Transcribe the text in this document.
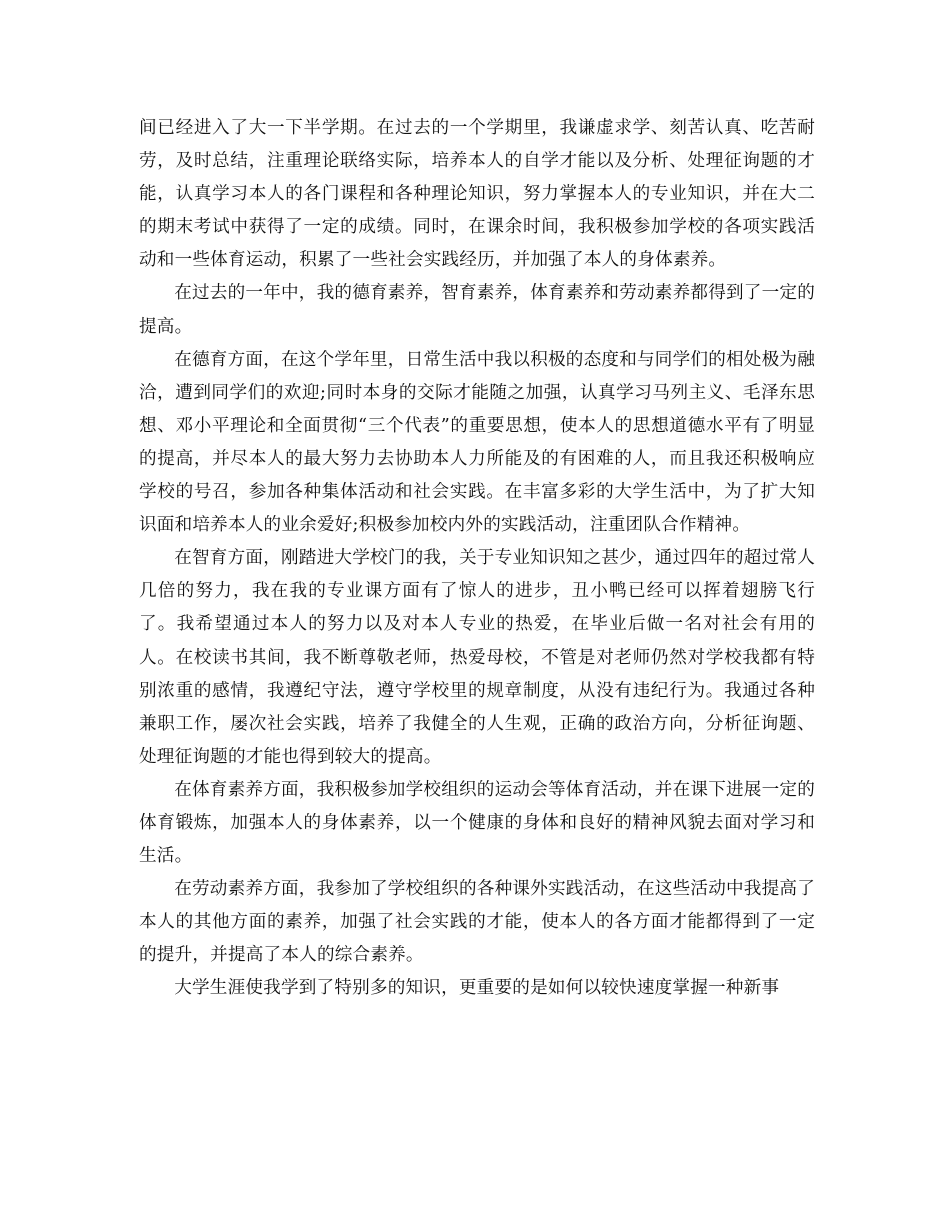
间已经进入了大一下半学期。在过去的一个学期里，我谦虚求学、刻苦认真、吃苦耐劳，及时总结，注重理论联络实际，培养本人的自学才能以及分析、处理征询题的才能，认真学习本人的各门课程和各种理论知识，努力掌握本人的专业知识，并在大二的期末考试中获得了一定的成绩。同时，在课余时间，我积极参加学校的各项实践活动和一些体育运动，积累了一些社会实践经历，并加强了本人的身体素养。

在过去的一年中，我的德育素养，智育素养，体育素养和劳动素养都得到了一定的提高。

在德育方面，在这个学年里，日常生活中我以积极的态度和与同学们的相处极为融洽，遭到同学们的欢迎;同时本身的交际才能随之加强，认真学习马列主义、毛泽东思想、邓小平理论和全面贯彻“三个代表”的重要思想，使本人的思想道德水平有了明显的提高，并尽本人的最大努力去协助本人力所能及的有困难的人，而且我还积极响应学校的号召，参加各种集体活动和社会实践。在丰富多彩的大学生活中，为了扩大知识面和培养本人的业余爱好;积极参加校内外的实践活动，注重团队合作精神。

在智育方面，刚踏进大学校门的我，关于专业知识知之甚少，通过四年的超过常人几倍的努力，我在我的专业课方面有了惊人的进步，丑小鸭已经可以挥着翅膀飞行了。我希望通过本人的努力以及对本人专业的热爱，在毕业后做一名对社会有用的人。在校读书其间，我不断尊敬老师，热爱母校，不管是对老师仍然对学校我都有特别浓重的感情，我遵纪守法，遵守学校里的规章制度，从没有违纪行为。我通过各种兼职工作，屡次社会实践，培养了我健全的人生观，正确的政治方向，分析征询题、处理征询题的才能也得到较大的提高。

在体育素养方面，我积极参加学校组织的运动会等体育活动，并在课下进展一定的体育锻炼，加强本人的身体素养，以一个健康的身体和良好的精神风貌去面对学习和生活。

在劳动素养方面，我参加了学校组织的各种课外实践活动，在这些活动中我提高了本人的其他方面的素养，加强了社会实践的才能，使本人的各方面才能都得到了一定的提升，并提高了本人的综合素养。

大学生涯使我学到了特别多的知识，更重要的是如何以较快速度掌握一种新事
